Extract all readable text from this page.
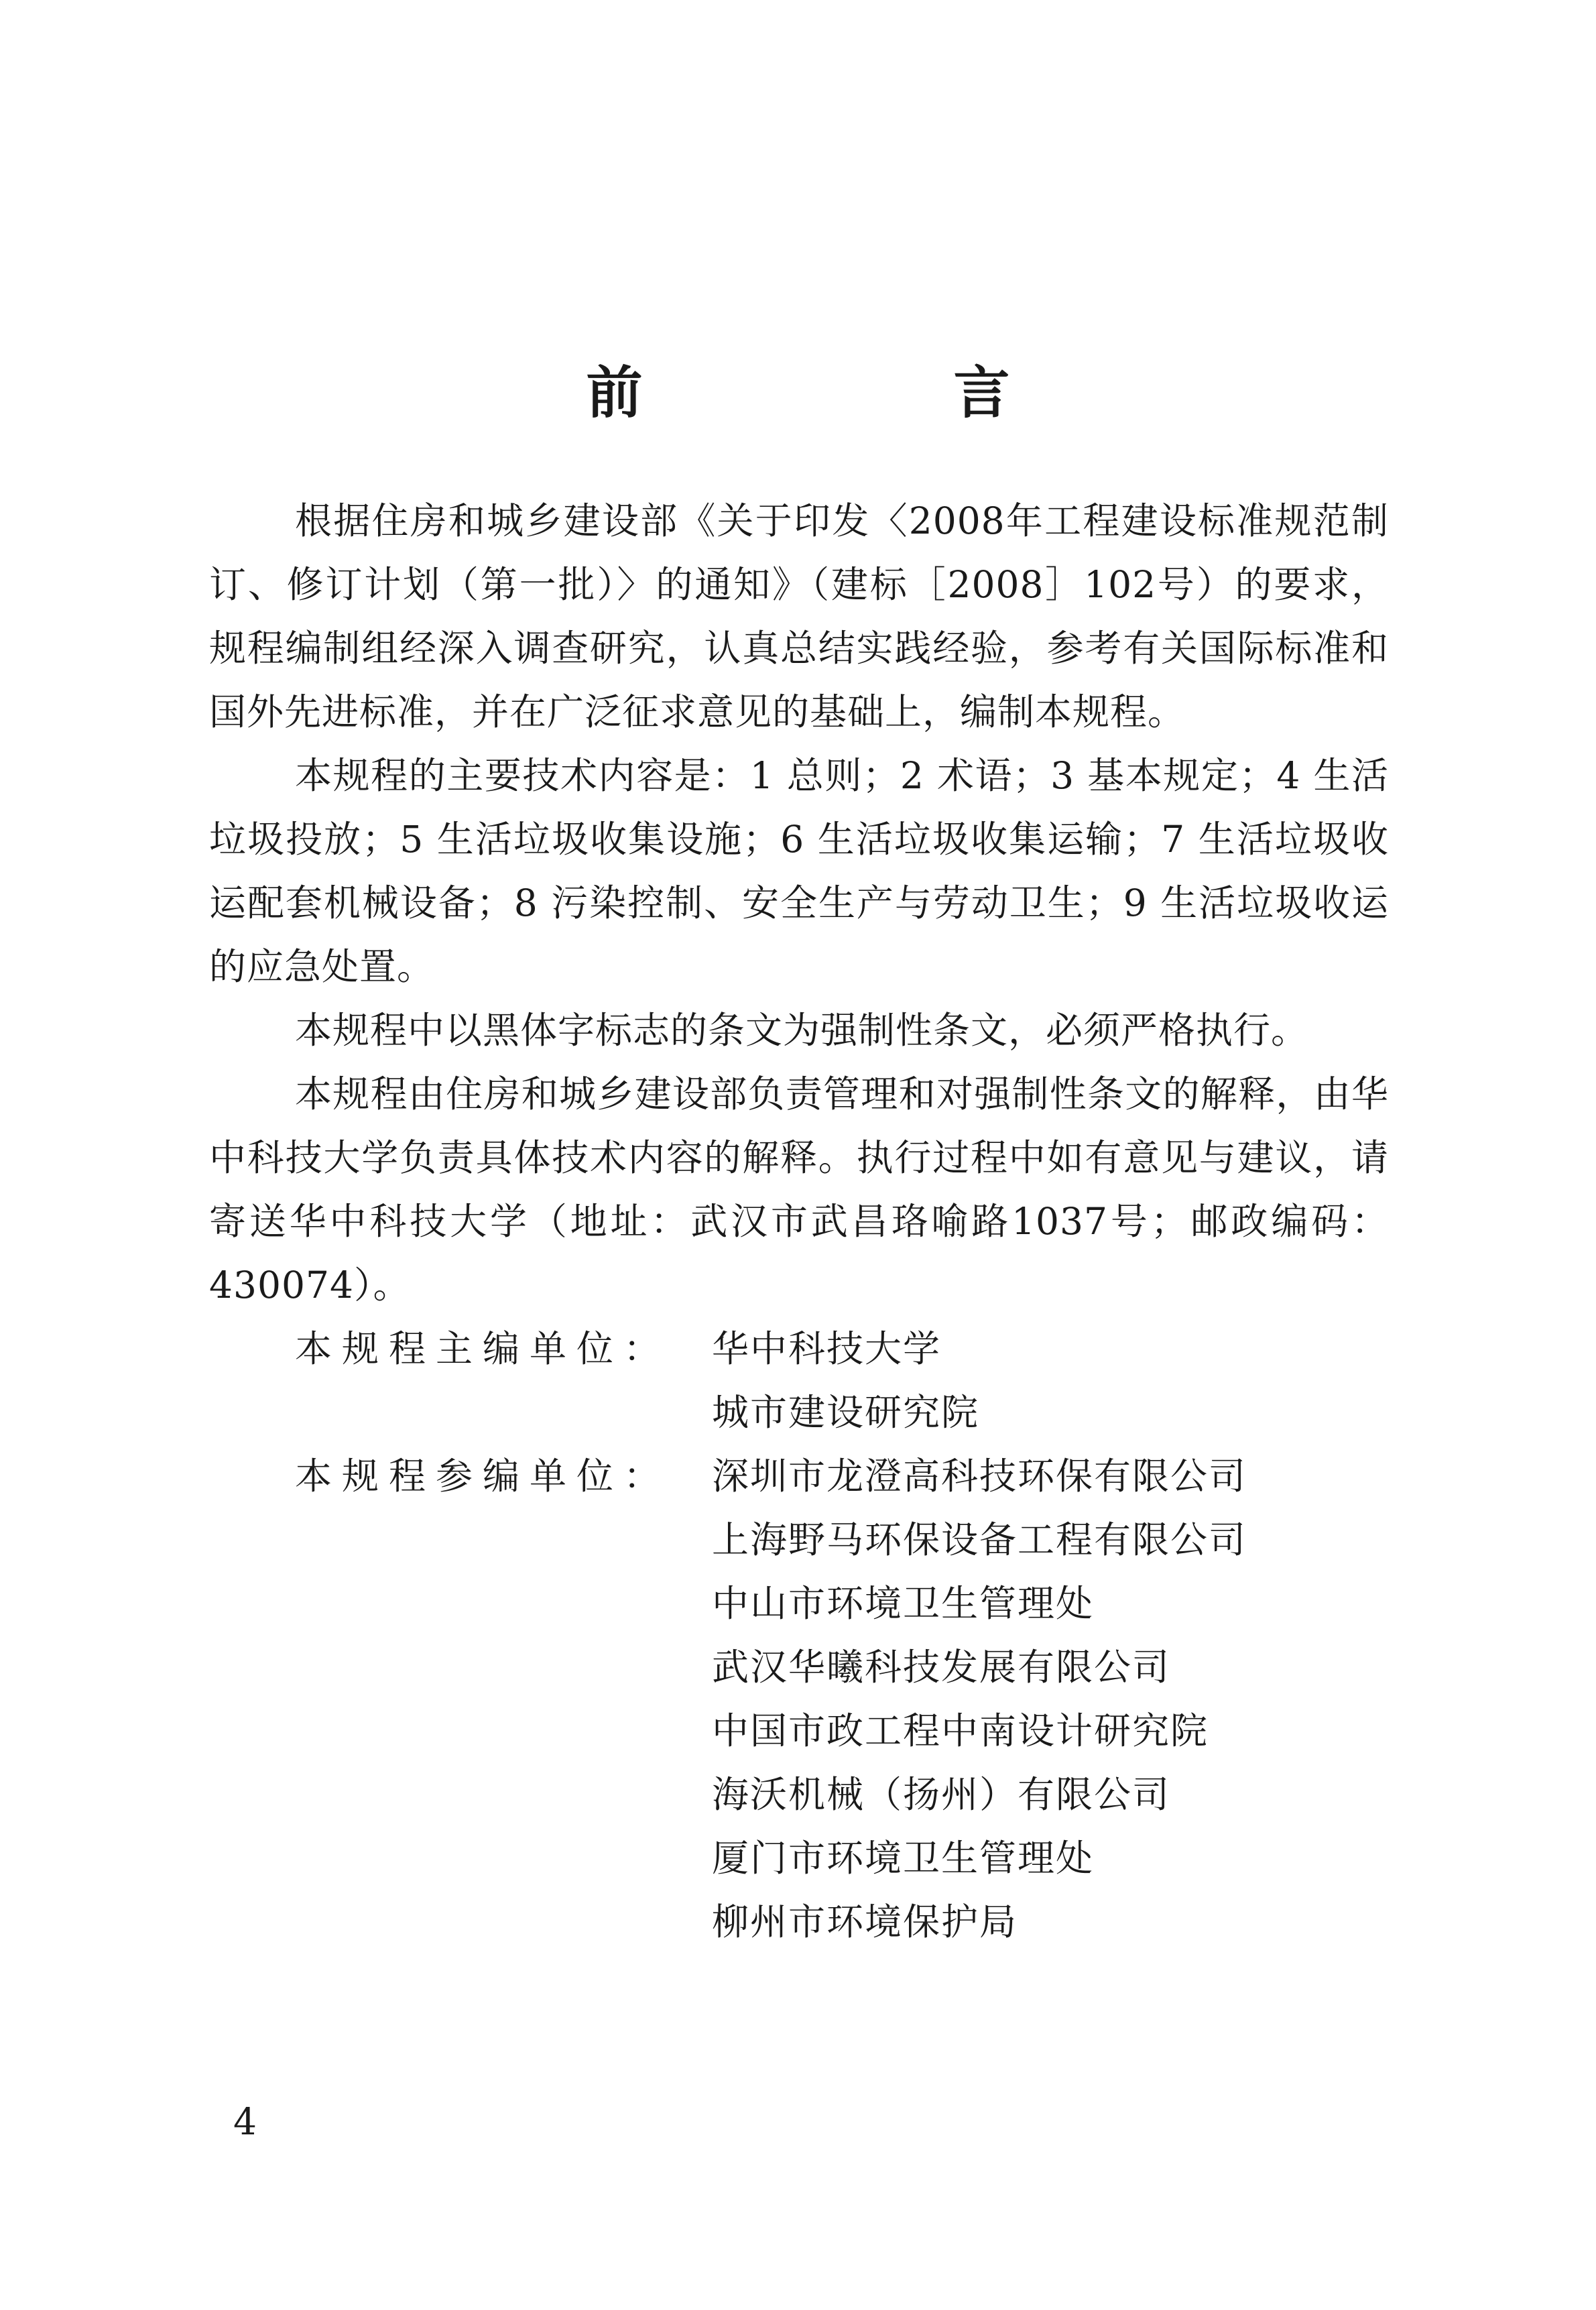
前　言

根据住房和城乡建设部《关于印发〈2008年工程建设标准规范制订、修订计划（第一批）〉的通知》（建标［2008］102号）的要求，规程编制组经深入调查研究，认真总结实践经验，参考有关国际标准和国外先进标准，并在广泛征求意见的基础上，编制本规程。

本规程的主要技术内容是：1 总则；2 术语；3 基本规定；4 生活垃圾投放；5 生活垃圾收集设施；6 生活垃圾收集运输；7 生活垃圾收运配套机械设备；8 污染控制、安全生产与劳动卫生；9 生活垃圾收运的应急处置。

本规程中以黑体字标志的条文为强制性条文，必须严格执行。

本规程由住房和城乡建设部负责管理和对强制性条文的解释，由华中科技大学负责具体技术内容的解释。执行过程中如有意见与建议，请寄送华中科技大学（地址：武汉市武昌珞喻路1037号；邮政编码：430074）。

本规程主编单位：	华中科技大学
城市建设研究院
本规程参编单位：	深圳市龙澄高科技环保有限公司
上海野马环保设备工程有限公司
中山市环境卫生管理处
武汉华曦科技发展有限公司
中国市政工程中南设计研究院
海沃机械（扬州）有限公司
厦门市环境卫生管理处
柳州市环境保护局
4
